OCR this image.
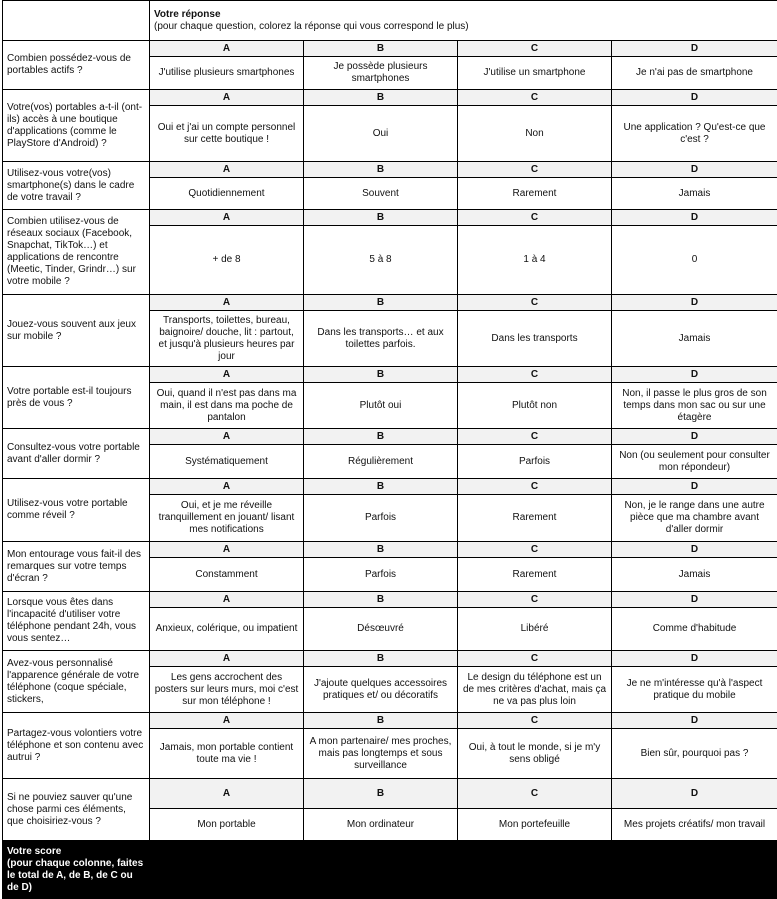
	Votre réponse
(pour chaque question, colorez la réponse qui vous correspond le plus)			
Combien possédez-vous de portables actifs ?	A	B	C	D
	J'utilise plusieurs smartphones	Je possède plusieurs smartphones	J'utilise un smartphone	Je n'ai pas de smartphone
Votre(vos) portables a-t-il (ont-ils) accès à une boutique d'applications (comme le PlayStore d'Android) ?	A	B	C	D
	Oui et j'ai un compte personnel sur cette boutique !	Oui	Non	Une application ? Qu'est-ce que c'est ?
Utilisez-vous votre(vos) smartphone(s) dans le cadre de votre travail ?	A	B	C	D
	Quotidiennement	Souvent	Rarement	Jamais
Combien utilisez-vous de réseaux sociaux (Facebook, Snapchat, TikTok…) et applications de rencontre (Meetic, Tinder, Grindr…) sur votre mobile ?	A	B	C	D
	+ de 8	5 à 8	1 à 4	0
Jouez-vous souvent aux jeux sur mobile ?	A	B	C	D
	Transports, toilettes, bureau, baignoire/ douche, lit : partout, et jusqu'à plusieurs heures par jour	Dans les transports… et aux toilettes parfois.	Dans les transports	Jamais
Votre portable est-il toujours près de vous ?	A	B	C	D
	Oui, quand il n'est pas dans ma main, il est dans ma poche de pantalon	Plutôt oui	Plutôt non	Non, il passe le plus gros de son temps dans mon sac ou sur une étagère
Consultez-vous votre portable avant d'aller dormir ?	A	B	C	D
	Systématiquement	Régulièrement	Parfois	Non (ou seulement pour consulter mon répondeur)
Utilisez-vous votre portable comme réveil ?	A	B	C	D
	Oui, et je me réveille tranquillement en jouant/ lisant mes notifications	Parfois	Rarement	Non, je le range dans une autre pièce que ma chambre avant d'aller dormir
Mon entourage vous fait-il des remarques sur votre temps d'écran ?	A	B	C	D
	Constamment	Parfois	Rarement	Jamais
Lorsque vous êtes dans l'incapacité d'utiliser votre téléphone pendant 24h, vous vous sentez…	A	B	C	D
	Anxieux, colérique, ou impatient	Désœuvré	Libéré	Comme d'habitude
Avez-vous personnalisé l'apparence générale de votre téléphone (coque spéciale, stickers,	A	B	C	D
	Les gens accrochent des posters sur leurs murs, moi c'est sur mon téléphone !	J'ajoute quelques accessoires pratiques et/ ou décoratifs	Le design du téléphone est un de mes critères d'achat, mais ça ne va pas plus loin	Je ne m'intéresse qu'à l'aspect pratique du mobile
Partagez-vous volontiers votre téléphone et son contenu avec autrui ?	A	B	C	D
	Jamais, mon portable contient toute ma vie !	A mon partenaire/ mes proches, mais pas longtemps et sous surveillance	Oui, à tout le monde, si je m'y sens obligé	Bien sûr, pourquoi pas ?
Si ne pouviez sauver qu'une chose parmi ces éléments, que choisiriez-vous ?	A	B	C	D
	Mon portable	Mon ordinateur	Mon portefeuille	Mes projets créatifs/ mon travail

Votre score
(pour chaque colonne, faites le total de A, de B, de C ou de D)				
